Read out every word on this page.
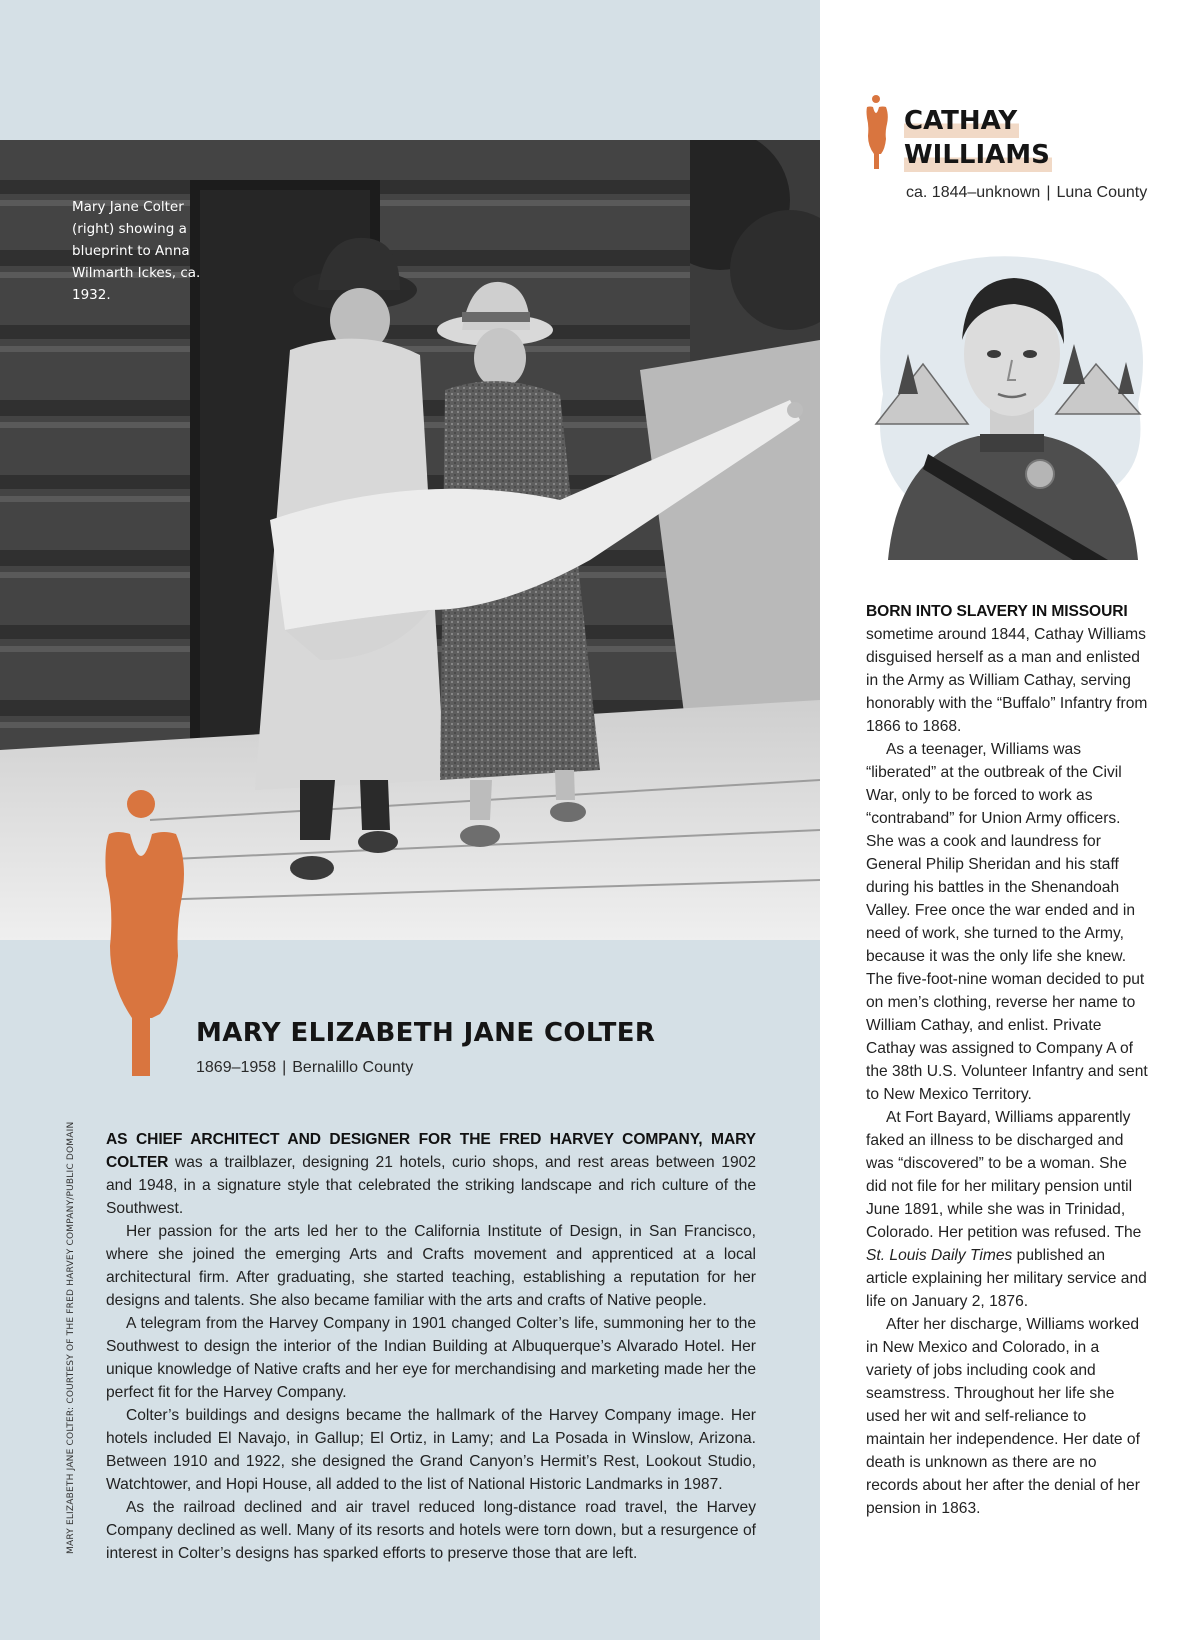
Mary Jane Colter (right) showing a blueprint to Anna Wilmarth Ickes, ca. 1932.
MARY ELIZABETH JANE COLTER: COURTESY OF THE FRED HARVEY COMPANY/PUBLIC DOMAIN
MARY ELIZABETH JANE COLTER
1869–1958 | Bernalillo County

AS CHIEF ARCHITECT AND DESIGNER FOR THE FRED HARVEY COMPANY, MARY COLTER was a trailblazer, designing 21 hotels, curio shops, and rest areas between 1902 and 1948, in a signature style that celebrated the striking landscape and rich culture of the Southwest.

Her passion for the arts led her to the California Institute of Design, in San Francisco, where she joined the emerging Arts and Crafts movement and apprenticed at a local architectural firm. After graduating, she started teaching, establishing a reputation for her designs and talents. She also became familiar with the arts and crafts of Native people.

A telegram from the Harvey Company in 1901 changed Colter’s life, summoning her to the Southwest to design the interior of the Indian Building at Albuquerque’s Alvarado Hotel. Her unique knowledge of Native crafts and her eye for merchandising and marketing made her the perfect fit for the Harvey Company.

Colter’s buildings and designs became the hallmark of the Harvey Company image. Her hotels included El Navajo, in Gallup; El Ortiz, in Lamy; and La Posada in Winslow, Arizona. Between 1910 and 1922, she designed the Grand Canyon’s Hermit’s Rest, Lookout Studio, Watchtower, and Hopi House, all added to the list of National Historic Landmarks in 1987.

As the railroad declined and air travel reduced long-distance road travel, the Harvey Company declined as well. Many of its resorts and hotels were torn down, but a resurgence of interest in Colter’s designs has sparked efforts to preserve those that are left.

CATHAY
WILLIAMS
ca. 1844–unknown | Luna County

BORN INTO SLAVERY IN MISSOURI sometime around 1844, Cathay Williams disguised herself as a man and enlisted in the Army as William Cathay, serving honorably with the “Buffalo” Infantry from 1866 to 1868.

As a teenager, Williams was “liberated” at the outbreak of the Civil War, only to be forced to work as “contraband” for Union Army officers. She was a cook and laundress for General Philip Sheridan and his staff during his battles in the Shenandoah Valley. Free once the war ended and in need of work, she turned to the Army, because it was the only life she knew. The five-foot-nine woman decided to put on men’s clothing, reverse her name to William Cathay, and enlist. Private Cathay was assigned to Company A of the 38th U.S. Volunteer Infantry and sent to New Mexico Territory.

At Fort Bayard, Williams apparently faked an illness to be discharged and was “discovered” to be a woman. She did not file for her military pension until June 1891, while she was in Trinidad, Colorado. Her petition was refused. The St. Louis Daily Times published an article explaining her military service and life on January 2, 1876.

After her discharge, Williams worked in New Mexico and Colorado, in a variety of jobs including cook and seamstress. Throughout her life she used her wit and self-reliance to maintain her independence. Her date of death is unknown as there are no records about her after the denial of her pension in 1863.
